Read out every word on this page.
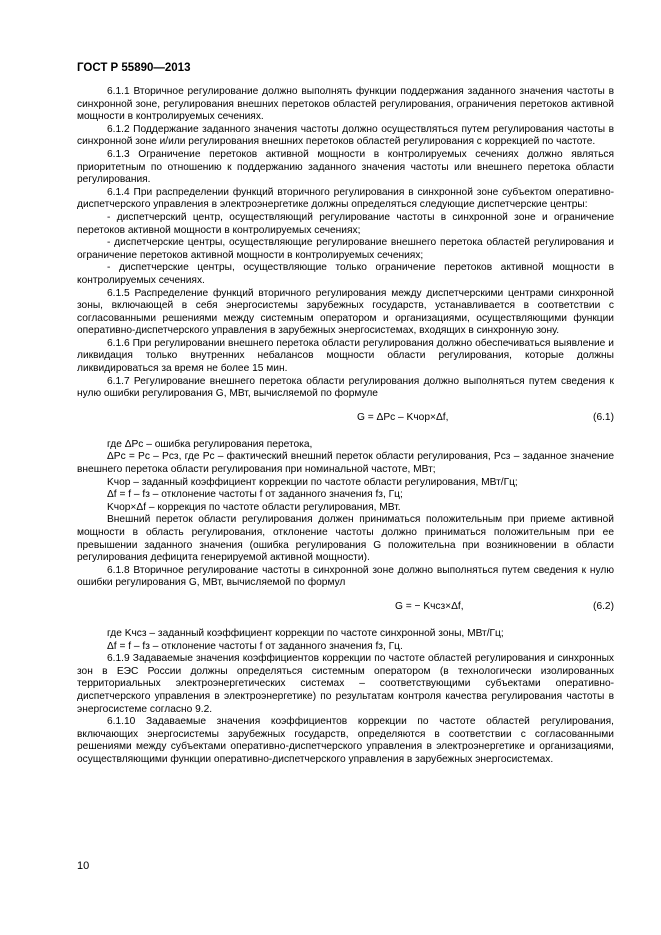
ГОСТ Р 55890—2013

6.1.1 Вторичное регулирование должно выполнять функции поддержания заданного значения частоты в синхронной зоне, регулирования внешних перетоков областей регулирования, ограничения перетоков активной мощности в контролируемых сечениях.

6.1.2 Поддержание заданного значения частоты должно осуществляться путем регулирования частоты в синхронной зоне и/или регулирования внешних перетоков областей регулирования с коррекцией по частоте.

6.1.3 Ограничение перетоков активной мощности в контролируемых сечениях должно являться приоритетным по отношению к поддержанию заданного значения частоты или внешнего перетока области регулирования.

6.1.4 При распределении функций вторичного регулирования в синхронной зоне субъектом оперативно-диспетчерского управления в электроэнергетике должны определяться следующие диспетчерские центры:

- диспетчерский центр, осуществляющий регулирование частоты в синхронной зоне и ограничение перетоков активной мощности в контролируемых сечениях;

- диспетчерские центры, осуществляющие регулирование внешнего перетока областей регулирования и ограничение перетоков активной мощности в контролируемых сечениях;

- диспетчерские центры, осуществляющие только ограничение перетоков активной мощности в контролируемых сечениях.

6.1.5 Распределение функций вторичного регулирования между диспетчерскими центрами синхронной зоны, включающей в себя энергосистемы зарубежных государств, устанавливается в соответствии с согласованными решениями между системным оператором и организациями, осуществляющими функции оперативно-диспетчерского управления в зарубежных энергосистемах, входящих в синхронную зону.

6.1.6 При регулировании внешнего перетока области регулирования должно обеспечиваться выявление и ликвидация только внутренних небалансов мощности области регулирования, которые должны ликвидироваться за время не более 15 мин.

6.1.7 Регулирование внешнего перетока области регулирования должно выполняться путем сведения к нулю ошибки регулирования G, МВт, вычисляемой по формуле

G = ΔPc – Kчор×Δf,	(6.1)

где ΔPc – ошибка регулирования перетока,

ΔPc = Pc – Pcз, где Pc – фактический внешний переток области регулирования, Pcз – заданное значение внешнего перетока области регулирования при номинальной частоте, МВт;

Kчор – заданный коэффициент коррекции по частоте области регулирования, МВт/Гц;

Δf = f – fз – отклонение частоты f от заданного значения fз, Гц;

Kчор×Δf – коррекция по частоте области регулирования, МВт.

Внешний переток области регулирования должен приниматься положительным при приеме активной мощности в область регулирования, отклонение частоты должно приниматься положительным при ее превышении заданного значения (ошибка регулирования G положительна при возникновении в области регулирования дефицита генерируемой активной мощности).

6.1.8 Вторичное регулирование частоты в синхронной зоне должно выполняться путем сведения к нулю ошибки регулирования G, МВт, вычисляемой по формул

G = − Kчсз×Δf,	(6.2)

где Kчсз – заданный коэффициент коррекции по частоте синхронной зоны, МВт/Гц;

Δf = f – fз – отклонение частоты f от заданного значения fз, Гц.

6.1.9 Задаваемые значения коэффициентов коррекции по частоте областей регулирования и синхронных зон в ЕЭС России должны определяться системным оператором (в технологически изолированных территориальных электроэнергетических системах – соответствующими субъектами оперативно-диспетчерского управления в электроэнергетике) по результатам контроля качества регулирования частоты в энергосистеме согласно 9.2.

6.1.10 Задаваемые значения коэффициентов коррекции по частоте областей регулирования, включающих энергосистемы зарубежных государств, определяются в соответствии с согласованными решениями между субъектами оперативно-диспетчерского управления в электроэнергетике и организациями, осуществляющими функции оперативно-диспетчерского управления в зарубежных энергосистемах.

10
